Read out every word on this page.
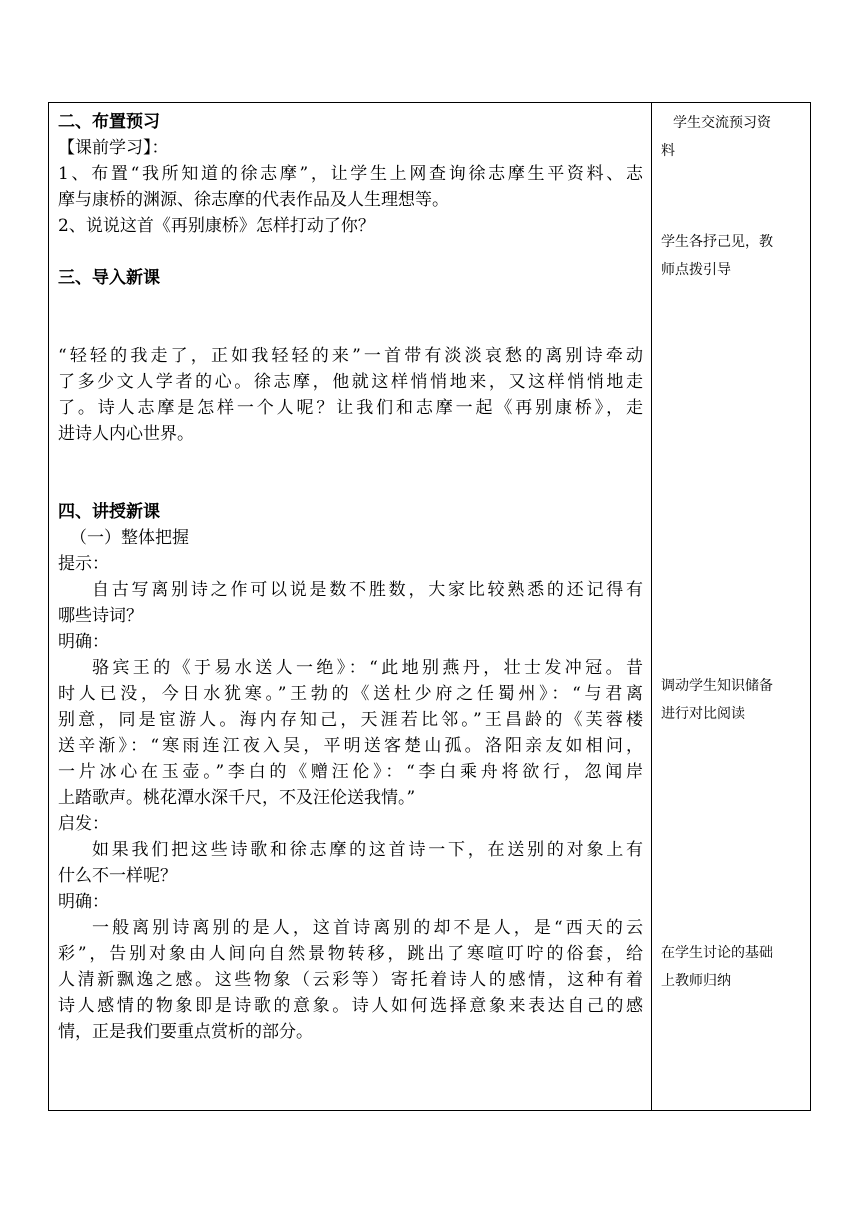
二、布置预习
【课前学习】：
1、布置“我所知道的徐志摩”，让学生上网查询徐志摩生平资料、志
摩与康桥的渊源、徐志摩的代表作品及人生理想等。
2、说说这首《再别康桥》怎样打动了你？
三、导入新课
“轻轻的我走了，正如我轻轻的来”一首带有淡淡哀愁的离别诗牵动
了多少文人学者的心。徐志摩，他就这样悄悄地来，又这样悄悄地走
了。诗人志摩是怎样一个人呢？让我们和志摩一起《再别康桥》，走
进诗人内心世界。
四、讲授新课
（一）整体把握
提示：
自古写离别诗之作可以说是数不胜数，大家比较熟悉的还记得有
哪些诗词？
明确：
骆宾王的《于易水送人一绝》：“此地别燕丹，壮士发冲冠。昔
时人已没，今日水犹寒。”王勃的《送杜少府之任蜀州》：“与君离
别意，同是宦游人。海内存知己，天涯若比邻。”王昌龄的《芙蓉楼
送辛渐》：“寒雨连江夜入吴，平明送客楚山孤。洛阳亲友如相问，
一片冰心在玉壶。”李白的《赠汪伦》：“李白乘舟将欲行，忽闻岸
上踏歌声。桃花潭水深千尺，不及汪伦送我情。”
启发：
如果我们把这些诗歌和徐志摩的这首诗一下，在送别的对象上有
什么不一样呢？
明确：
一般离别诗离别的是人，这首诗离别的却不是人，是“西天的云
彩”，告别对象由人间向自然景物转移，跳出了寒喧叮咛的俗套，给
人清新飘逸之感。这些物象（云彩等）寄托着诗人的感情，这种有着
诗人感情的物象即是诗歌的意象。诗人如何选择意象来表达自己的感
情，正是我们要重点赏析的部分。
学生交流预习资
料
学生各抒己见，教
师点拨引导
调动学生知识储备
进行对比阅读
在学生讨论的基础
上教师归纳
